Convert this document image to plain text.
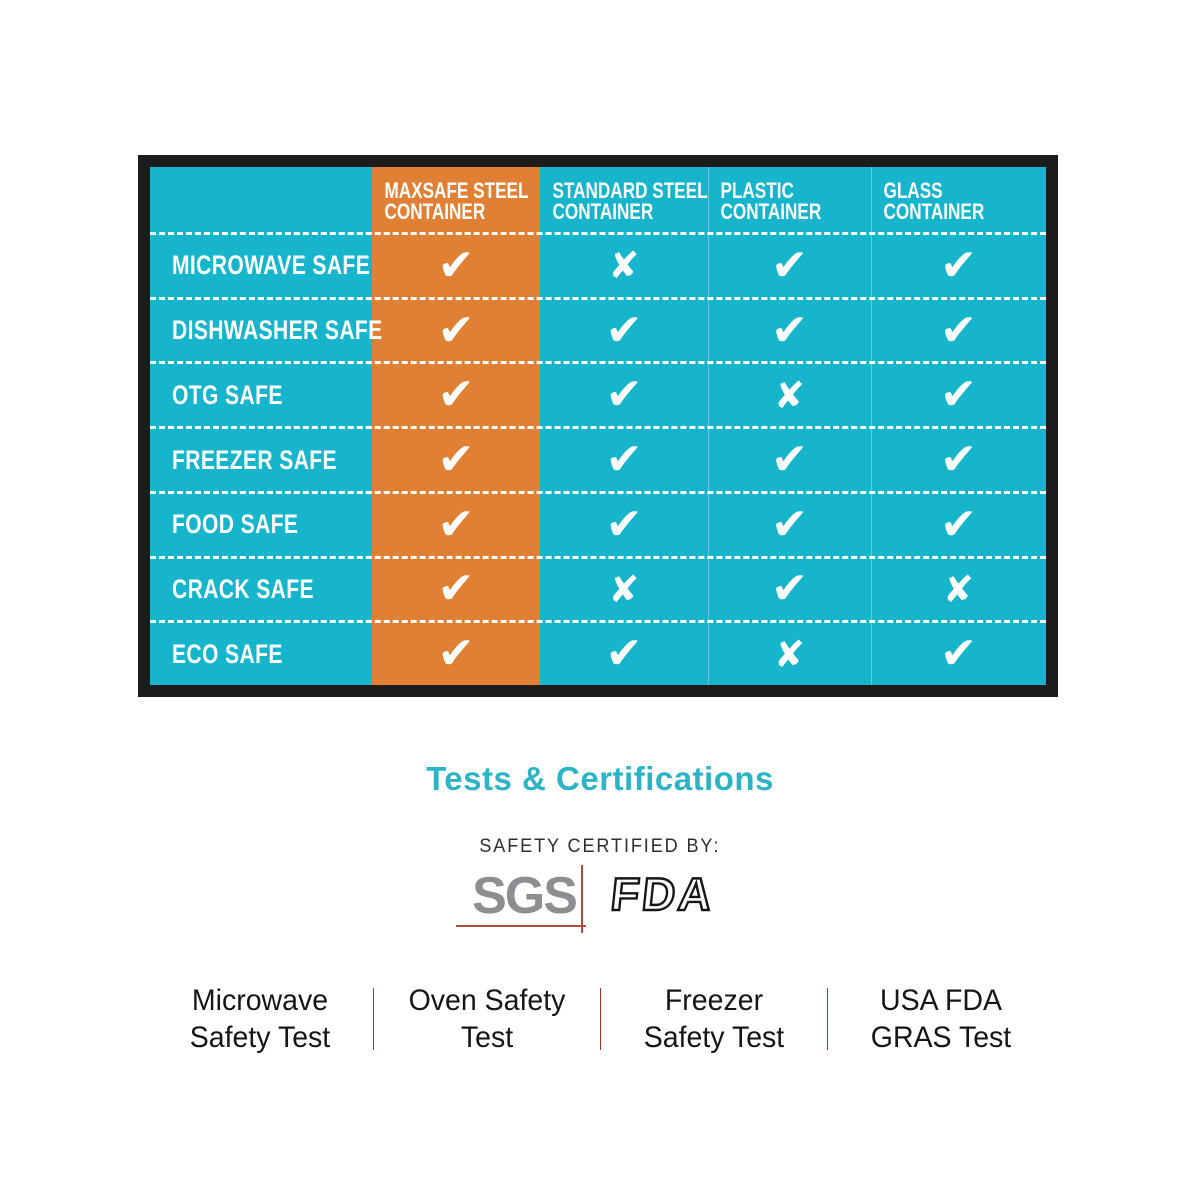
MAXSAFE STEEL
CONTAINER
STANDARD STEEL
CONTAINER
PLASTIC
CONTAINER
GLASS
CONTAINER
MICROWAVE SAFE ✔	✘	✔	✔
DISHWASHER SAFE ✔	✔	✔	✔
OTG SAFE	✔	✔	✘	✔
FREEZER SAFE ✔	✔	✔	✔
FOOD SAFE	✔	✔	✔	✔
CRACK SAFE	✔	✘	✔	✘
ECO SAFE	✔	✔	✘	✔
Tests & Certifications
SAFETY CERTIFIED BY:
SGS FDA
Microwave
Safety Test
Oven Safety
Test
Freezer
Safety Test
USA FDA
GRAS Test
